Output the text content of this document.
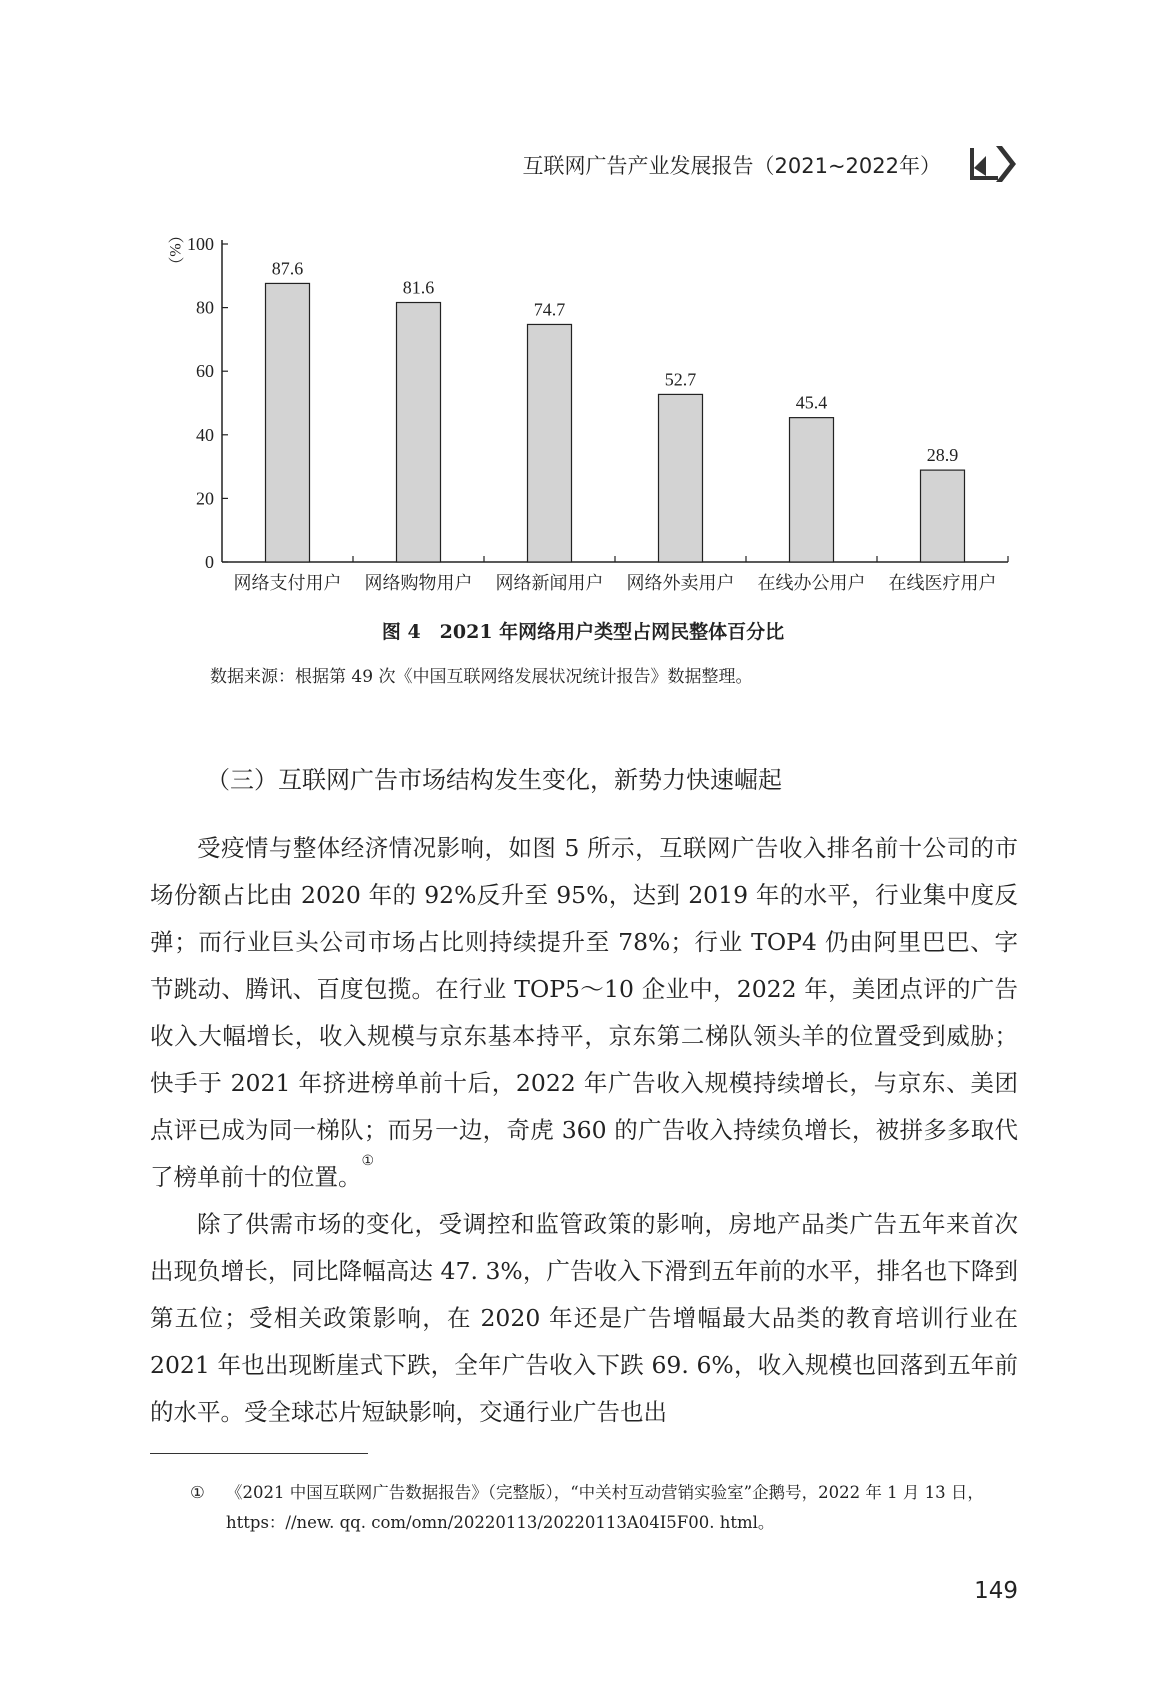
互联网广告产业发展报告（2021~2022年）
（%）
0
20
40
60
80
100
87.6
81.6
74.7
52.7
45.4
28.9
网络支付用户 网络购物用户 网络新闻用户 网络外卖用户 在线办公用户 在线医疗用户
图 4　2021 年网络用户类型占网民整体百分比
数据来源：根据第 49 次《中国互联网络发展状况统计报告》数据整理。
（三）互联网广告市场结构发生变化，新势力快速崛起

受疫情与整体经济情况影响，如图 5 所示，互联网广告收入排名前十公司的市场份额占比由 2020 年的 92%反升至 95%，达到 2019 年的水平，行业集中度反弹；而行业巨头公司市场占比则持续提升至 78%；行业 TOP4 仍由阿里巴巴、字节跳动、腾讯、百度包揽。在行业 TOP5～10 企业中，2022 年，美团点评的广告收入大幅增长，收入规模与京东基本持平，京东第二梯队领头羊的位置受到威胁；快手于 2021 年挤进榜单前十后，2022 年广告收入规模持续增长，与京东、美团点评已成为同一梯队；而另一边，奇虎 360 的广告收入持续负增长，被拼多多取代了榜单前十的位置。①

除了供需市场的变化，受调控和监管政策的影响，房地产品类广告五年来首次出现负增长，同比降幅高达 47. 3%，广告收入下滑到五年前的水平，排名也下降到第五位；受相关政策影响，在 2020 年还是广告增幅最大品类的教育培训行业在 2021 年也出现断崖式下跌，全年广告收入下跌 69. 6%，收入规模也回落到五年前的水平。受全球芯片短缺影响，交通行业广告也出

①	《2021 中国互联网广告数据报告》（完整版），“中关村互动营销实验室”企鹅号，2022 年 1 月 13 日，https：//new. qq. com/omn/20220113/20220113A04I5F00. html。
149
